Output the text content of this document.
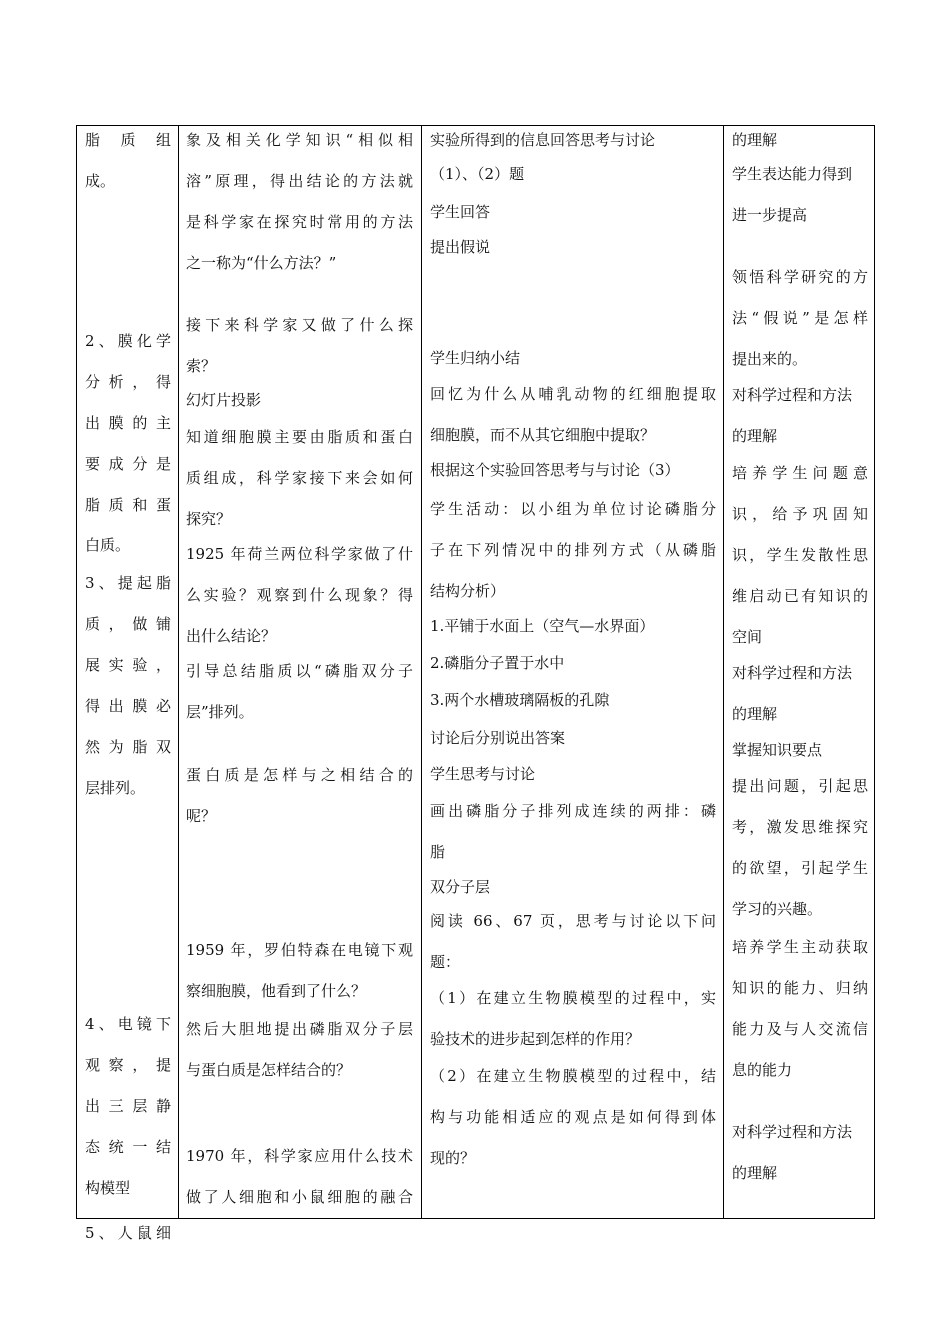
脂 质 组
成。
2、膜化学
分 析 ， 得
出 膜 的 主
要 成 分 是
脂 质 和 蛋
白质。
3、提起脂
质 ， 做 铺
展 实 验 ，
得 出 膜 必
然 为 脂 双
层排列。
4、电镜下
观 察 ， 提
出 三 层 静
态 统 一 结
构模型
5、人鼠细
象及相关化学知识“相似相
溶”原理，得出结论的方法就
是科学家在探究时常用的方法
之一称为“什么方法？”
接下来科学家又做了什么探
索？
幻灯片投影
知道细胞膜主要由脂质和蛋白
质组成，科学家接下来会如何
探究？
1925 年荷兰两位科学家做了什
么实验？观察到什么现象？得
出什么结论？
引导总结脂质以“磷脂双分子
层”排列。
蛋白质是怎样与之相结合的
呢？
1959 年，罗伯特森在电镜下观
察细胞膜，他看到了什么？
然后大胆地提出磷脂双分子层
与蛋白质是怎样结合的？
1970 年，科学家应用什么技术
做了人细胞和小鼠细胞的融合
实验所得到的信息回答思考与讨论
（1）、（2）题
学生回答
提出假说
学生归纳小结
回忆为什么从哺乳动物的红细胞提取
细胞膜，而不从其它细胞中提取？
根据这个实验回答思考与与讨论（3）
学生活动：以小组为单位讨论磷脂分
子在下列情况中的排列方式（从磷脂
结构分析）
1.平铺于水面上（空气—水界面）
2.磷脂分子置于水中
3.两个水槽玻璃隔板的孔隙
讨论后分别说出答案
学生思考与讨论
画出磷脂分子排列成连续的两排：磷
脂
双分子层
阅读 66、67 页，思考与讨论以下问
题：
（1）在建立生物膜模型的过程中，实
验技术的进步起到怎样的作用？
（2）在建立生物膜模型的过程中，结
构与功能相适应的观点是如何得到体
现的？
的理解
学生表达能力得到
进一步提高
领悟科学研究的方
法“假说”是怎样
提出来的。
对科学过程和方法
的理解
培养学生问题意
识，给予巩固知
识，学生发散性思
维启动已有知识的
空间
对科学过程和方法
的理解
掌握知识要点
提出问题，引起思
考，激发思维探究
的欲望，引起学生
学习的兴趣。
培养学生主动获取
知识的能力、归纳
能力及与人交流信
息的能力
对科学过程和方法
的理解
